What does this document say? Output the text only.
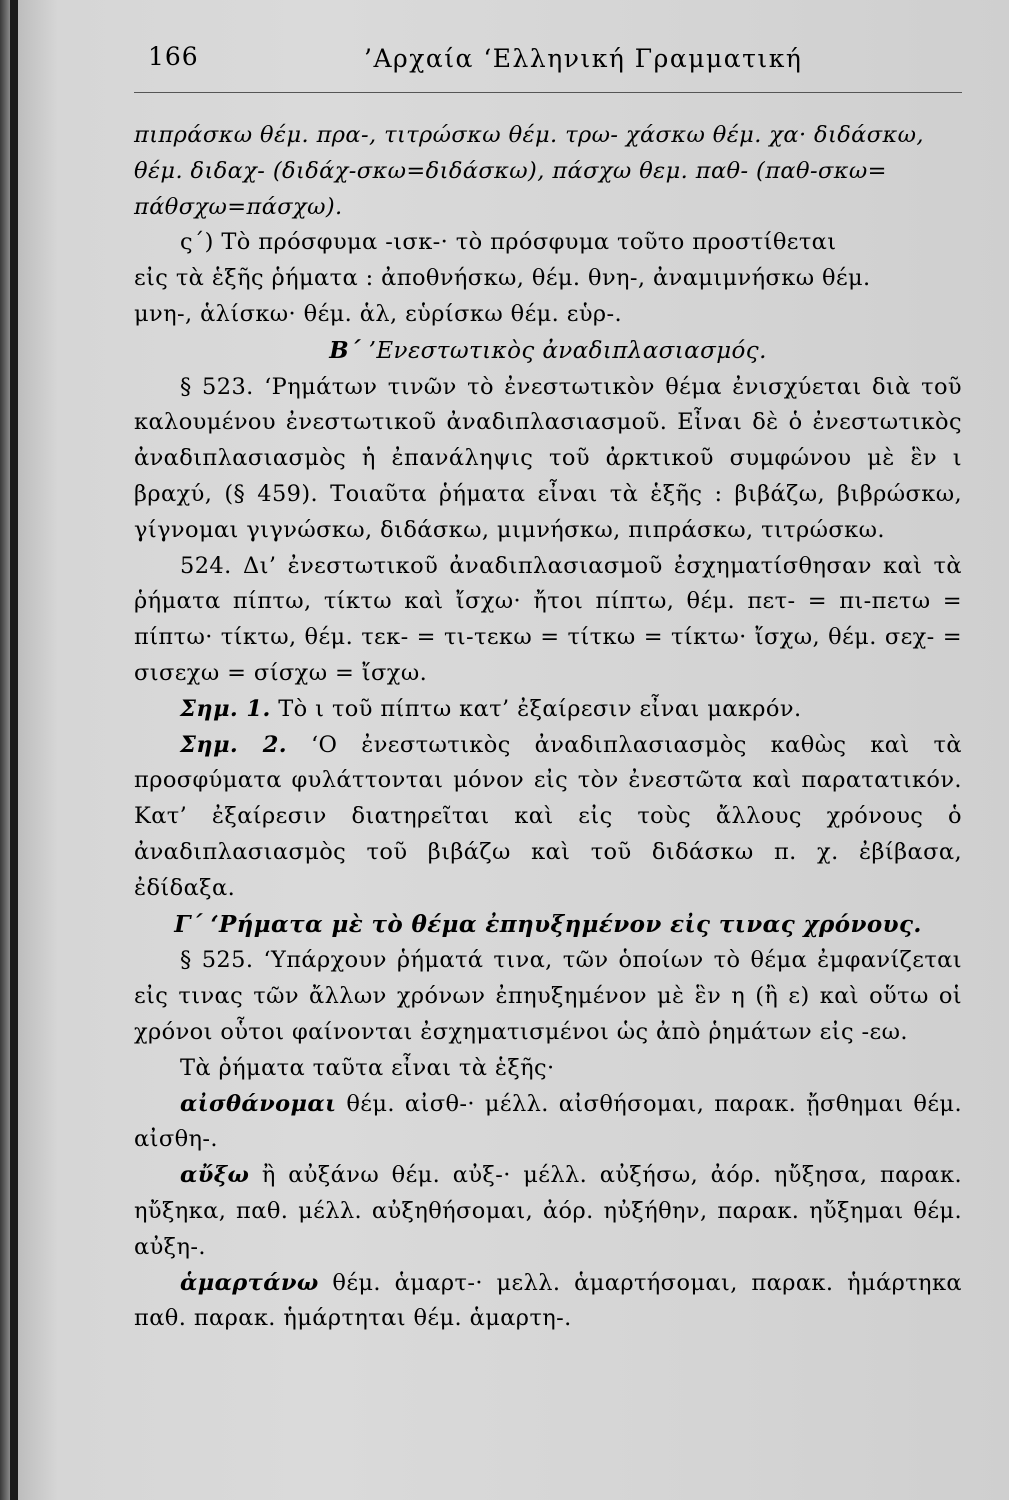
166	’Αρχαία ‘Ελληνική Γραμματική

πιπράσκω θέμ. πρα-, τιτρώσκω θέμ. τρω- χάσκω θέμ. χα· διδάσκω,

θέμ. διδαχ- (διδάχ-σκω=διδάσκω), πάσχω θεμ. παθ- (παθ-σκω=

πάθσχω=πάσχω).

ς΄) Τὸ πρόσφυμα -ισκ-· τὸ πρόσφυμα τοῦτο προστίθεται

εἰς τὰ ἑξῆς ῥήματα : ἀποθνήσκω, θέμ. θνη-, ἀναμιμνήσκω θέμ.

μνη-, ἁλίσκω· θέμ. ἁλ, εὑρίσκω θέμ. εὑρ-.

Β΄ ’Ενεστωτικὸς ἀναδιπλασιασμός.

§ 523. ‘Ρημάτων τινῶν τὸ ἐνεστωτικὸν θέμα ἐνισχύεται διὰ τοῦ καλουμένου ἐνεστωτικοῦ ἀναδιπλασιασμοῦ. Εἶναι δὲ ὁ ἐνεστωτικὸς ἀναδιπλασιασμὸς ἡ ἐπανάληψις τοῦ ἀρκτικοῦ συμφώνου μὲ ἓν ι βραχύ, (§ 459). Τοιαῦτα ῥήματα εἶναι τὰ ἑξῆς : βιβάζω, βιβρώσκω, γίγνομαι γιγνώσκω, διδάσκω, μιμνήσκω, πιπράσκω, τιτρώσκω.

524. Δι’ ἐνεστωτικοῦ ἀναδιπλασιασμοῦ ἐσχηματίσθησαν καὶ τὰ ῥήματα πίπτω, τίκτω καὶ ἴσχω· ἤτοι πίπτω, θέμ. πετ- = πι-πετω = πίπτω· τίκτω, θέμ. τεκ- = τι-τεκω = τίτκω = τίκτω· ἴσχω, θέμ. σεχ- = σισεχω = σίσχω = ἴσχω.

Σημ. 1. Τὸ ι τοῦ πίπτω κατ’ ἐξαίρεσιν εἶναι μακρόν.

Σημ. 2. ‘Ο ἐνεστωτικὸς ἀναδιπλασιασμὸς καθὼς καὶ τὰ προσφύματα φυλάττονται μόνον εἰς τὸν ἐνεστῶτα καὶ παρατατικόν. Κατ’ ἐξαίρεσιν διατηρεῖται καὶ εἰς τοὺς ἄλλους χρόνους ὁ ἀναδιπλασιασμὸς τοῦ βιβάζω καὶ τοῦ διδάσκω π. χ. ἐβίβασα, ἐδίδαξα.

Γ΄ ‘Ρήματα μὲ τὸ θέμα ἐπηυξημένον εἰς τινας χρόνους.

§ 525. ‘Υπάρχουν ῥήματά τινα, τῶν ὁποίων τὸ θέμα ἐμφανίζεται εἰς τινας τῶν ἄλλων χρόνων ἐπηυξημένον μὲ ἓν η (ἢ ε) καὶ οὕτω οἱ χρόνοι οὗτοι φαίνονται ἐσχηματισμένοι ὡς ἀπὸ ῥημάτων εἰς -εω.

Τὰ ῥήματα ταῦτα εἶναι τὰ ἑξῆς·

αἰσθάνομαι θέμ. αἰσθ-· μέλλ. αἰσθήσομαι, παρακ. ᾔσθημαι θέμ. αἰσθη-.

αὔξω ἢ αὐξάνω θέμ. αὐξ-· μέλλ. αὐξήσω, ἀόρ. ηὔξησα, παρακ. ηὔξηκα, παθ. μέλλ. αὐξηθήσομαι, ἀόρ. ηὐξήθην, παρακ. ηὔξημαι θέμ. αὐξη-.

ἁμαρτάνω θέμ. ἁμαρτ-· μελλ. ἁμαρτήσομαι, παρακ. ἡμάρτηκα παθ. παρακ. ἡμάρτηται θέμ. ἁμαρτη-.
